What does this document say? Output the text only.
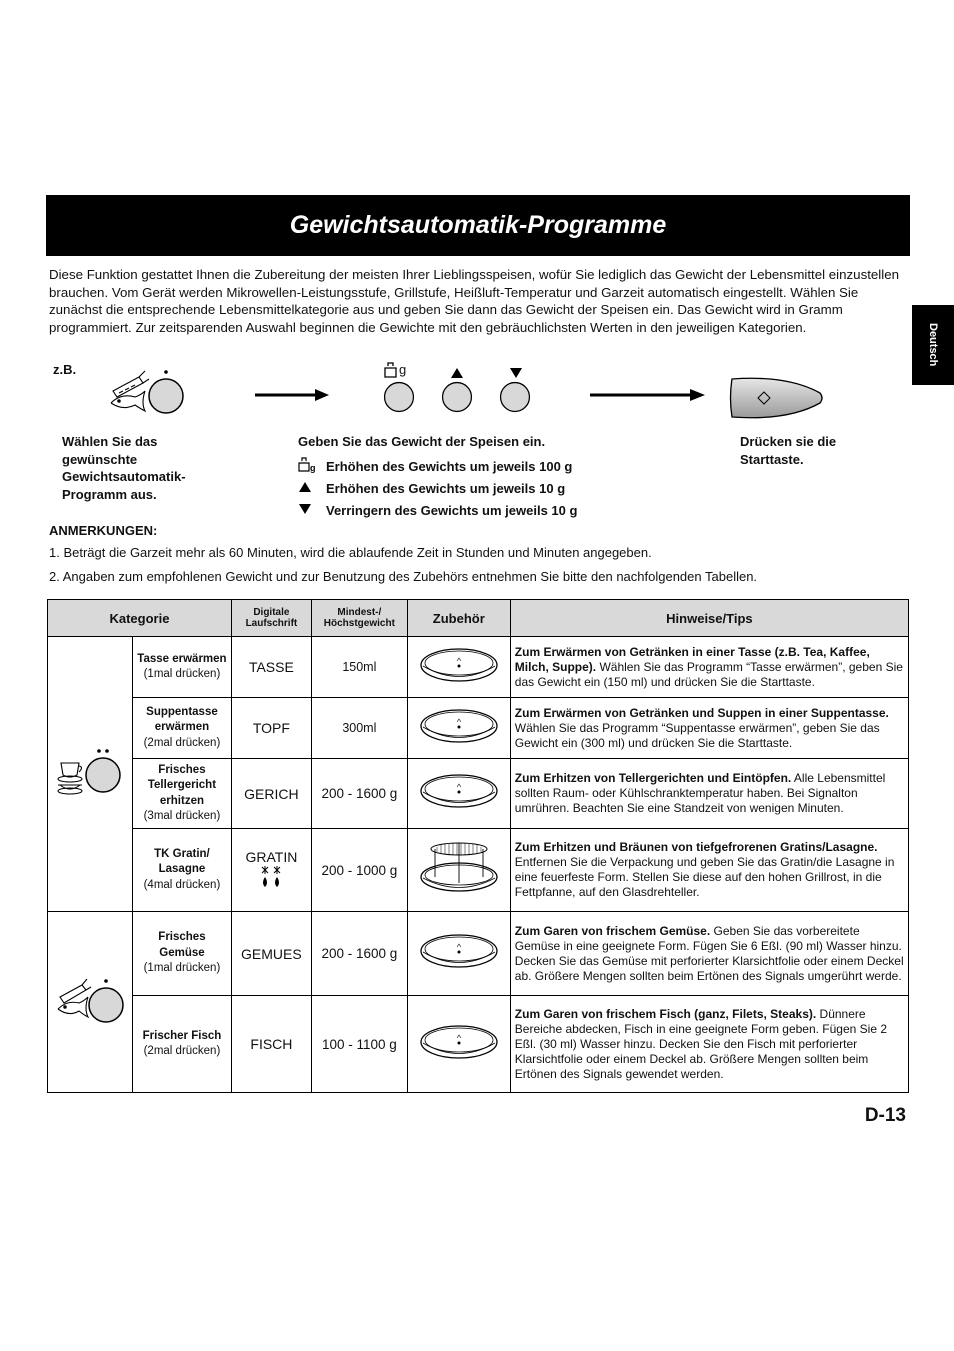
Gewichtsautomatik-Programme
Deutsch

Diese Funktion gestattet Ihnen die Zubereitung der meisten Ihrer Lieblingsspeisen, wofür Sie lediglich das Gewicht der Lebensmittel einzustellen brauchen. Vom Gerät werden Mikrowellen-Leistungsstufe, Grillstufe, Heißluft-Temperatur und Garzeit automatisch eingestellt. Wählen Sie zunächst die entsprechende Lebensmittelkategorie aus und geben Sie dann das Gewicht der Speisen ein. Das Gewicht wird in Gramm programmiert. Zur zeitsparenden Auswahl beginnen die Gewichte mit den gebräuchlichsten Werten in den jeweiligen Kategorien.

z.B.	g
Wählen Sie das gewünschte Gewichtsautomatik-Programm aus.
Geben Sie das Gewicht der Speisen ein.	Drücken sie die Starttaste.
g Erhöhen des Gewichts um jeweils 100 g
Erhöhen des Gewichts um jeweils 10 g
Verringern des Gewichts um jeweils 10 g

ANMERKUNGEN:

1. Beträgt die Garzeit mehr als 60 Minuten, wird die ablaufende Zeit in Stunden und Minuten angegeben.

2. Angaben zum empfohlenen Gewicht und zur Benutzung des Zubehörs entnehmen Sie bitte den nachfolgenden Tabellen.

Kategorie		Digitale Laufschrift	Mindest-/ Höchstgewicht	Zubehör	Hinweise/Tips
	Tasse erwärmen
(1mal drücken)	TASSE	150ml		Zum Erwärmen von Getränken in einer Tasse (z.B. Tea, Kaffee, Milch, Suppe). Wählen Sie das Programm “Tasse erwärmen”, geben Sie das Gewicht ein (150 ml) und drücken Sie die Starttaste.
	Suppentasse erwärmen
(2mal drücken)	TOPF	300ml		Zum Erwärmen von Getränken und Suppen in einer Suppentasse. Wählen Sie das Programm “Suppentasse erwärmen”, geben Sie das Gewicht ein (300 ml) und drücken Sie die Starttaste.
	Frisches Tellergericht erhitzen
(3mal drücken)	GERICH	200 - 1600 g		Zum Erhitzen von Tellergerichten und Eintöpfen. Alle Lebensmittel sollten Raum- oder Kühlschranktemperatur haben. Bei Signalton umrühren. Beachten Sie eine Standzeit von wenigen Minuten.
	TK Gratin/ Lasagne
(4mal drücken)	GRATIN	200 - 1000 g		Zum Erhitzen und Bräunen von tiefgefrorenen Gratins/Lasagne. Entfernen Sie die Verpackung und geben Sie das Gratin/die Lasagne in eine feuerfeste Form. Stellen Sie diese auf den hohen Grillrost, in die Fettpfanne, auf den Glasdrehteller.
	Frisches Gemüse
(1mal drücken)	GEMUES	200 - 1600 g		Zum Garen von frischem Gemüse. Geben Sie das vorbereitete Gemüse in eine geeignete Form. Fügen Sie 6 Eßl. (90 ml) Wasser hinzu. Decken Sie das Gemüse mit perforierter Klarsichtfolie oder einem Deckel ab. Größere Mengen sollten beim Ertönen des Signals umgerührt werde.
	Frischer Fisch
(2mal drücken)	FISCH	100 - 1100 g		Zum Garen von frischem Fisch (ganz, Filets, Steaks). Dünnere Bereiche abdecken, Fisch in eine geeignete Form geben. Fügen Sie 2 Eßl. (30 ml) Wasser hinzu. Decken Sie den Fisch mit perforierter Klarsichtfolie oder einem Deckel ab. Größere Mengen sollten beim Ertönen des Signals gewendet werden.
D-13
